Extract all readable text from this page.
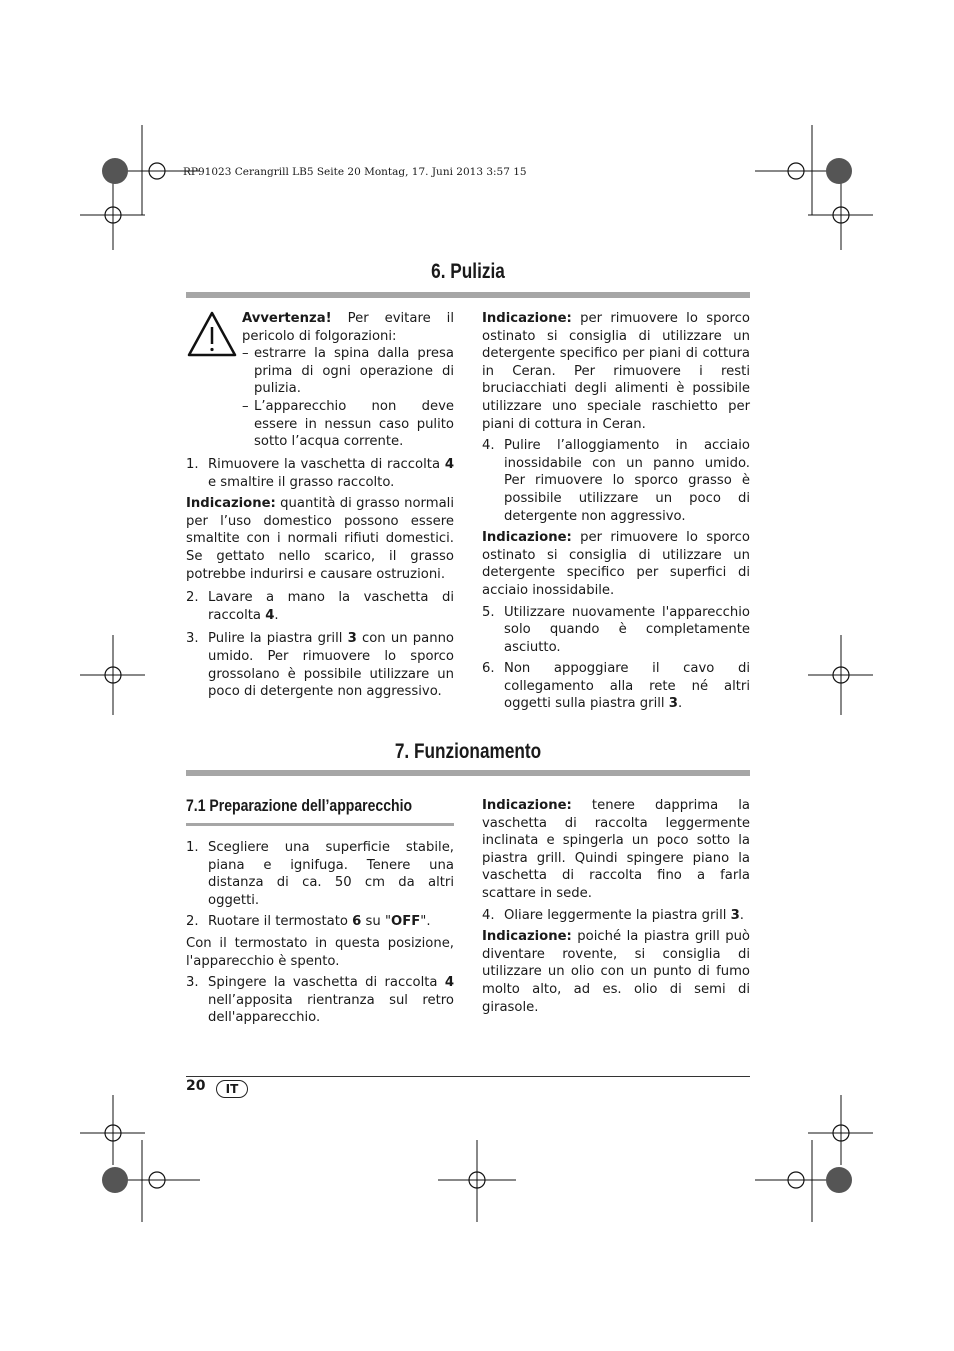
RP91023 Cerangrill LB5 Seite 20 Montag, 17. Juni 2013 3:57 15
6. Pulizia

Avvertenza! Per evitare il pericolo di folgorazioni:

– estrarre la spina dalla presa prima di ogni operazione di pulizia.
– L’apparecchio non deve essere in nessun caso pulito sotto l’acqua corrente.
1. Rimuovere la vaschetta di raccolta 4 e smaltire il grasso raccolto.

Indicazione: quantità di grasso normali per l’uso domestico possono essere smaltite con i normali rifiuti domestici. Se gettato nello scarico, il grasso potrebbe indurirsi e causare ostruzioni.

2. Lavare a mano la vaschetta di raccolta 4.
3. Pulire la piastra grill 3 con un panno umido. Per rimuovere lo sporco grossolano è possibile utilizzare un poco di detergente non aggressivo.

Indicazione: per rimuovere lo sporco ostinato si consiglia di utilizzare un detergente specifico per piani di cottura in Ceran. Per rimuovere i resti bruciacchiati degli alimenti è possibile utilizzare uno speciale raschietto per piani di cottura in Ceran.

4. Pulire l’alloggiamento in acciaio inossidabile con un panno umido. Per rimuovere lo sporco grasso è possibile utilizzare un poco di detergente non aggressivo.

Indicazione: per rimuovere lo sporco ostinato si consiglia di utilizzare un detergente specifico per superfici di acciaio inossidabile.

5. Utilizzare nuovamente l'apparecchio solo quando è completamente asciutto.
6. Non appoggiare il cavo di collegamento alla rete né altri oggetti sulla piastra grill 3.
7. Funzionamento
7.1 Preparazione dell’apparecchio
1. Scegliere una superficie stabile, piana e ignifuga. Tenere una distanza di ca. 50 cm da altri oggetti.
2. Ruotare il termostato 6 su "OFF".

Con il termostato in questa posizione, l'apparecchio è spento.

3. Spingere la vaschetta di raccolta 4 nell’apposita rientranza sul retro dell'apparecchio.

Indicazione: tenere dapprima la vaschetta di raccolta leggermente inclinata e spingerla un poco sotto la piastra grill. Quindi spingere piano la vaschetta di raccolta fino a farla scattare in sede.

4. Oliare leggermente la piastra grill 3.

Indicazione: poiché la piastra grill può diventare rovente, si consiglia di utilizzare un olio con un punto di fumo molto alto, ad es. olio di semi di girasole.

20	IT
